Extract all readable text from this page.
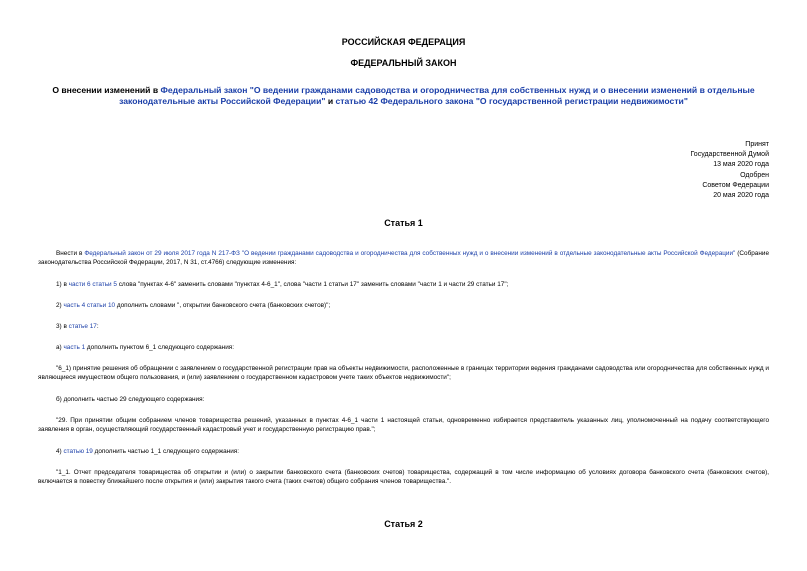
РОССИЙСКАЯ ФЕДЕРАЦИЯ
ФЕДЕРАЛЬНЫЙ ЗАКОН
О внесении изменений в Федеральный закон "О ведении гражданами садоводства и огородничества для собственных нужд и о внесении изменений в отдельные законодательные акты Российской Федерации" и статью 42 Федерального закона "О государственной регистрации недвижимости"
Принят
Государственной Думой
13 мая 2020 года
Одобрен
Советом Федерации
20 мая 2020 года
Статья 1
Внести в Федеральный закон от 29 июля 2017 года N 217-ФЗ "О ведении гражданами садоводства и огородничества для собственных нужд и о внесении изменений в отдельные законодательные акты Российской Федерации" (Собрание законодательства Российской Федерации, 2017, N 31, ст.4766) следующие изменения:
1) в части 6 статьи 5 слова "пунктах 4-6" заменить словами "пунктах 4-6_1", слова "части 1 статьи 17" заменить словами "части 1 и части 29 статьи 17";
2) часть 4 статьи 10 дополнить словами ", открытии банковского счета (банковских счетов)";
3) в статье 17:
а) часть 1 дополнить пунктом 6_1 следующего содержания:
"6_1) принятие решения об обращении с заявлением о государственной регистрации прав на объекты недвижимости, расположенные в границах территории ведения гражданами садоводства или огородничества для собственных нужд и являющиеся имуществом общего пользования, и (или) заявлением о государственном кадастровом учете таких объектов недвижимости";
б) дополнить частью 29 следующего содержания:
"29. При принятии общим собранием членов товарищества решений, указанных в пунктах 4-6_1 части 1 настоящей статьи, одновременно избирается представитель указанных лиц, уполномоченный на подачу соответствующего заявления в орган, осуществляющий государственный кадастровый учет и государственную регистрацию прав.";
4) статью 19 дополнить частью 1_1 следующего содержания:
"1_1. Отчет председателя товарищества об открытии и (или) о закрытии банковского счета (банковских счетов) товарищества, содержащий в том числе информацию об условиях договора банковского счета (банковских счетов), включается в повестку ближайшего после открытия и (или) закрытия такого счета (таких счетов) общего собрания членов товарищества.".
Статья 2
